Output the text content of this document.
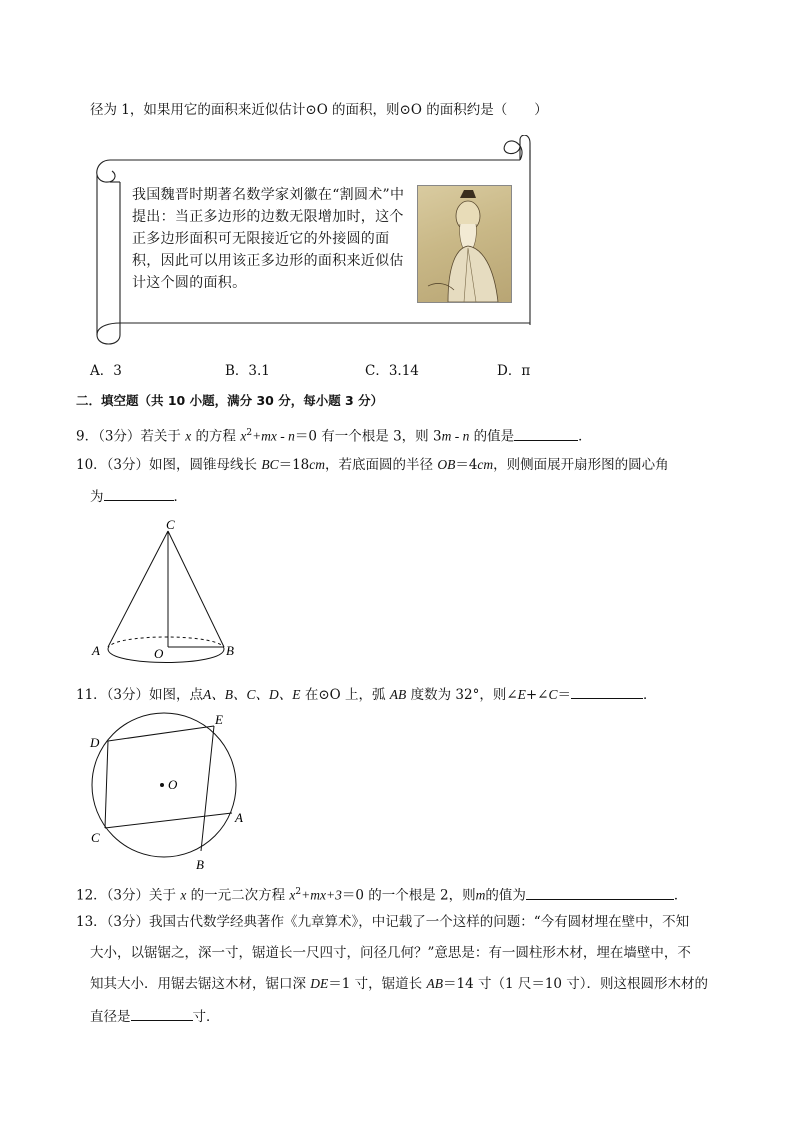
径为 1，如果用它的面积来近似估计⊙O 的面积，则⊙O 的面积约是（　　）
我国魏晋时期著名数学家刘徽在“割圆术”中提出：当正多边形的边数无限增加时，这个正多边形面积可无限接近它的外接圆的面积，因此可以用该正多边形的面积来近似估计这个圆的面积。
A．3	B．3.1	C．3.14	D．π
二．填空题（共 10 小题，满分 30 分，每小题 3 分）
9．（3分）若关于 x 的方程 $x^2+mx - n=0$ 有一个根是 3，则 3m - n 的值是	．
10．（3分）如图，圆锥母线长 BC＝18cm，若底面圆的半径 OB＝4cm，则侧面展开扇形图的圆心角
为	．
C
A	O	B
11．（3分）如图，点A、B、C、D、E 在⊙O 上，弧 AB 度数为 32°，则∠E+∠C＝	．
D
E
O
A
C
B
12．（3分）关于 x 的一元二次方程 $x^2+mx+3=0$ 的一个根是 2，则m的值为	．
13．（3分）我国古代数学经典著作《九章算术》，中记载了一个这样的问题：“今有圆材埋在壁中，不知
大小，以锯锯之，深一寸，锯道长一尺四寸，问径几何？”意思是：有一圆柱形木材，埋在墙壁中，不
知其大小．用锯去锯这木材，锯口深 DE＝1 寸，锯道长 AB＝14 寸（1 尺＝10 寸）．则这根圆形木材的
直径是	寸．
